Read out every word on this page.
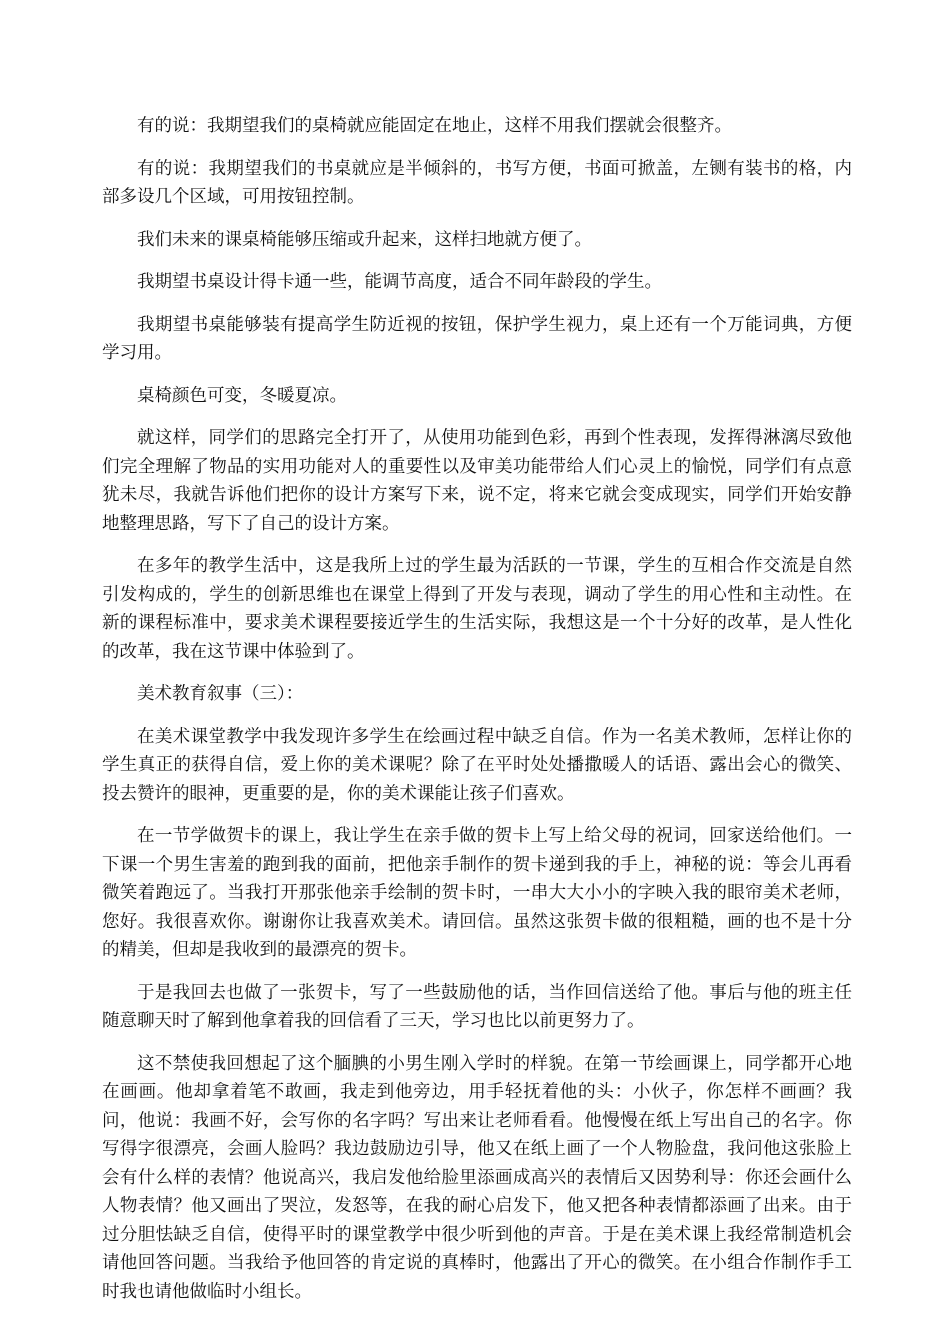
有的说：我期望我们的桌椅就应能固定在地止，这样不用我们摆就会很整齐。

有的说：我期望我们的书桌就应是半倾斜的，书写方便，书面可掀盖，左铡有装书的格，内部多设几个区域，可用按钮控制。

我们未来的课桌椅能够压缩或升起来，这样扫地就方便了。

我期望书桌设计得卡通一些，能调节高度，适合不同年龄段的学生。

我期望书桌能够装有提高学生防近视的按钮，保护学生视力，桌上还有一个万能词典，方便学习用。

桌椅颜色可变，冬暖夏凉。

就这样，同学们的思路完全打开了，从使用功能到色彩，再到个性表现，发挥得淋漓尽致他们完全理解了物品的实用功能对人的重要性以及审美功能带给人们心灵上的愉悦，同学们有点意犹未尽，我就告诉他们把你的设计方案写下来，说不定，将来它就会变成现实，同学们开始安静地整理思路，写下了自己的设计方案。

在多年的教学生活中，这是我所上过的学生最为活跃的一节课，学生的互相合作交流是自然引发构成的，学生的创新思维也在课堂上得到了开发与表现，调动了学生的用心性和主动性。在新的课程标准中，要求美术课程要接近学生的生活实际，我想这是一个十分好的改革，是人性化的改革，我在这节课中体验到了。

美术教育叙事（三）：

在美术课堂教学中我发现许多学生在绘画过程中缺乏自信。作为一名美术教师，怎样让你的学生真正的获得自信，爱上你的美术课呢？除了在平时处处播撒暖人的话语、露出会心的微笑、投去赞许的眼神，更重要的是，你的美术课能让孩子们喜欢。

在一节学做贺卡的课上，我让学生在亲手做的贺卡上写上给父母的祝词，回家送给他们。一下课一个男生害羞的跑到我的面前，把他亲手制作的贺卡递到我的手上，神秘的说：等会儿再看微笑着跑远了。当我打开那张他亲手绘制的贺卡时，一串大大小小的字映入我的眼帘美术老师，您好。我很喜欢你。谢谢你让我喜欢美术。请回信。虽然这张贺卡做的很粗糙，画的也不是十分的精美，但却是我收到的最漂亮的贺卡。

于是我回去也做了一张贺卡，写了一些鼓励他的话，当作回信送给了他。事后与他的班主任随意聊天时了解到他拿着我的回信看了三天，学习也比以前更努力了。

这不禁使我回想起了这个腼腆的小男生刚入学时的样貌。在第一节绘画课上，同学都开心地在画画。他却拿着笔不敢画，我走到他旁边，用手轻抚着他的头：小伙子，你怎样不画画？我问，他说：我画不好，会写你的名字吗？写出来让老师看看。他慢慢在纸上写出自己的名字。你写得字很漂亮，会画人脸吗？我边鼓励边引导，他又在纸上画了一个人物脸盘，我问他这张脸上会有什么样的表情？他说高兴，我启发他给脸里添画成高兴的表情后又因势利导：你还会画什么人物表情？他又画出了哭泣，发怒等，在我的耐心启发下，他又把各种表情都添画了出来。由于过分胆怯缺乏自信，使得平时的课堂教学中很少听到他的声音。于是在美术课上我经常制造机会请他回答问题。当我给予他回答的肯定说的真棒时，他露出了开心的微笑。在小组合作制作手工时我也请他做临时小组长。
